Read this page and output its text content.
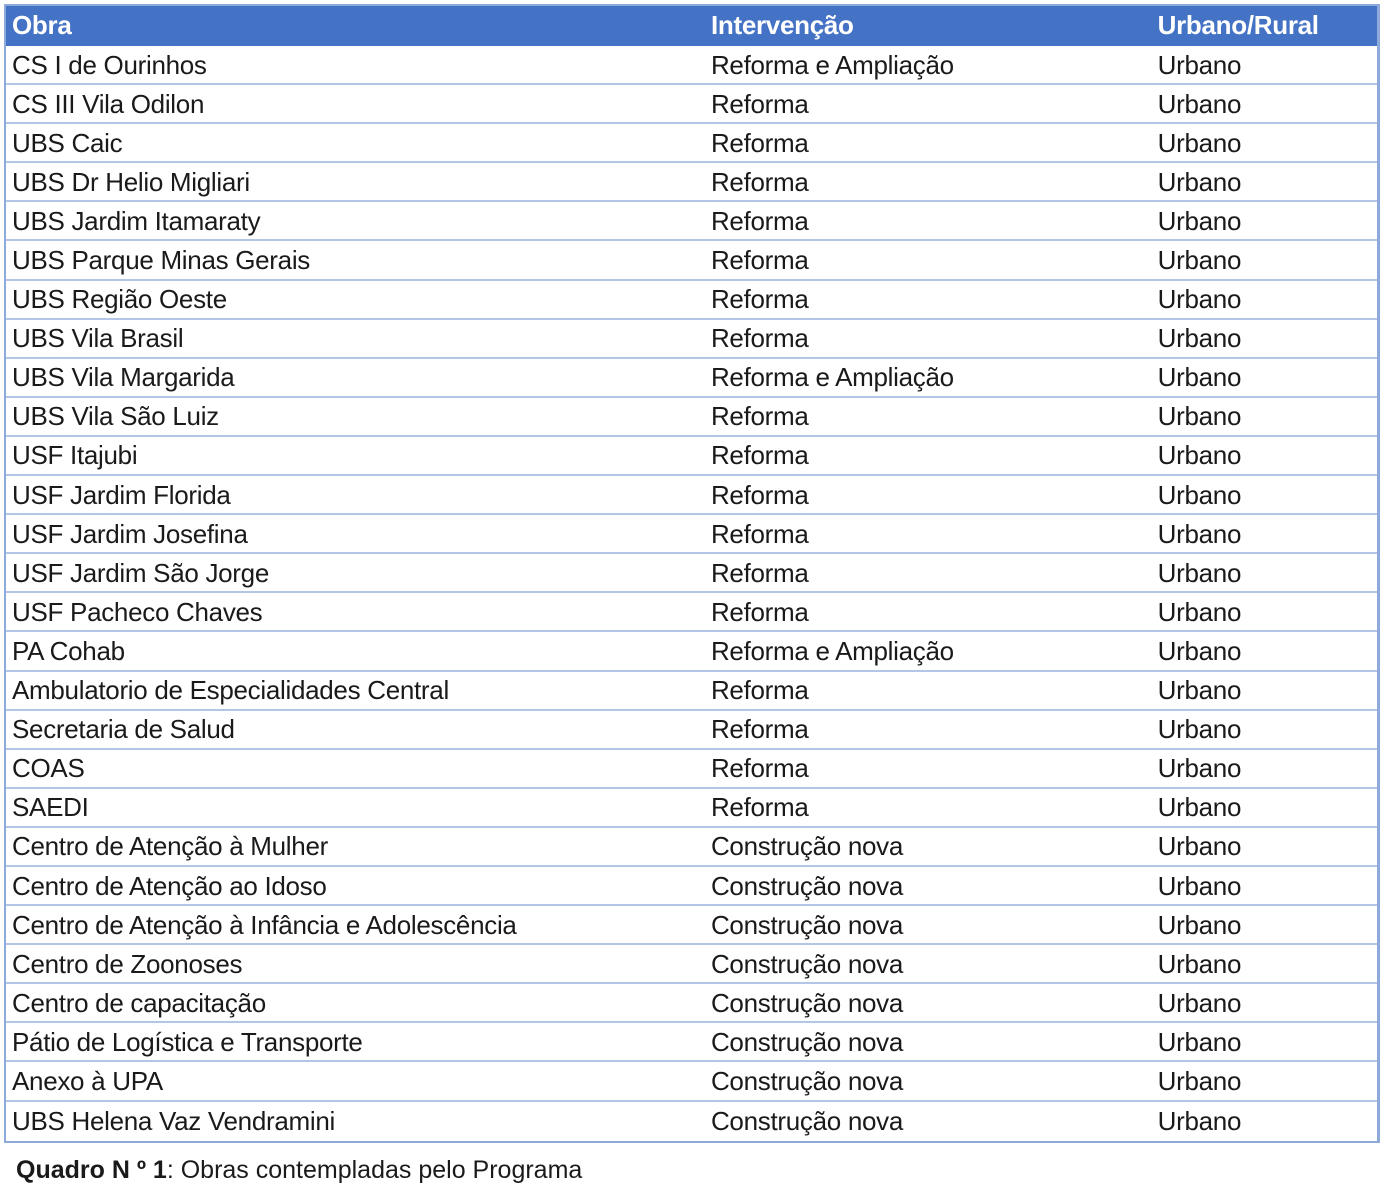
Obra	Intervenção	Urbano/Rural
CS I de Ourinhos	Reforma e Ampliação	Urbano
CS III Vila Odilon	Reforma	Urbano
UBS Caic	Reforma	Urbano
UBS Dr Helio Migliari	Reforma	Urbano
UBS Jardim Itamaraty	Reforma	Urbano
UBS Parque Minas Gerais	Reforma	Urbano
UBS Região Oeste	Reforma	Urbano
UBS Vila Brasil	Reforma	Urbano
UBS Vila Margarida	Reforma e Ampliação	Urbano
UBS Vila São Luiz	Reforma	Urbano
USF Itajubi	Reforma	Urbano
USF Jardim Florida	Reforma	Urbano
USF Jardim Josefina	Reforma	Urbano
USF Jardim São Jorge	Reforma	Urbano
USF Pacheco Chaves	Reforma	Urbano
PA Cohab	Reforma e Ampliação	Urbano
Ambulatorio de Especialidades Central	Reforma	Urbano
Secretaria de Salud	Reforma	Urbano
COAS	Reforma	Urbano
SAEDI	Reforma	Urbano
Centro de Atenção à Mulher	Construção nova	Urbano
Centro de Atenção ao Idoso	Construção nova	Urbano
Centro de Atenção à Infância e Adolescência	Construção nova	Urbano
Centro de Zoonoses	Construção nova	Urbano
Centro de capacitação	Construção nova	Urbano
Pátio de Logística e Transporte	Construção nova	Urbano
Anexo à UPA	Construção nova	Urbano
UBS Helena Vaz Vendramini	Construção nova	Urbano
Quadro N º 1: Obras contempladas pelo Programa
